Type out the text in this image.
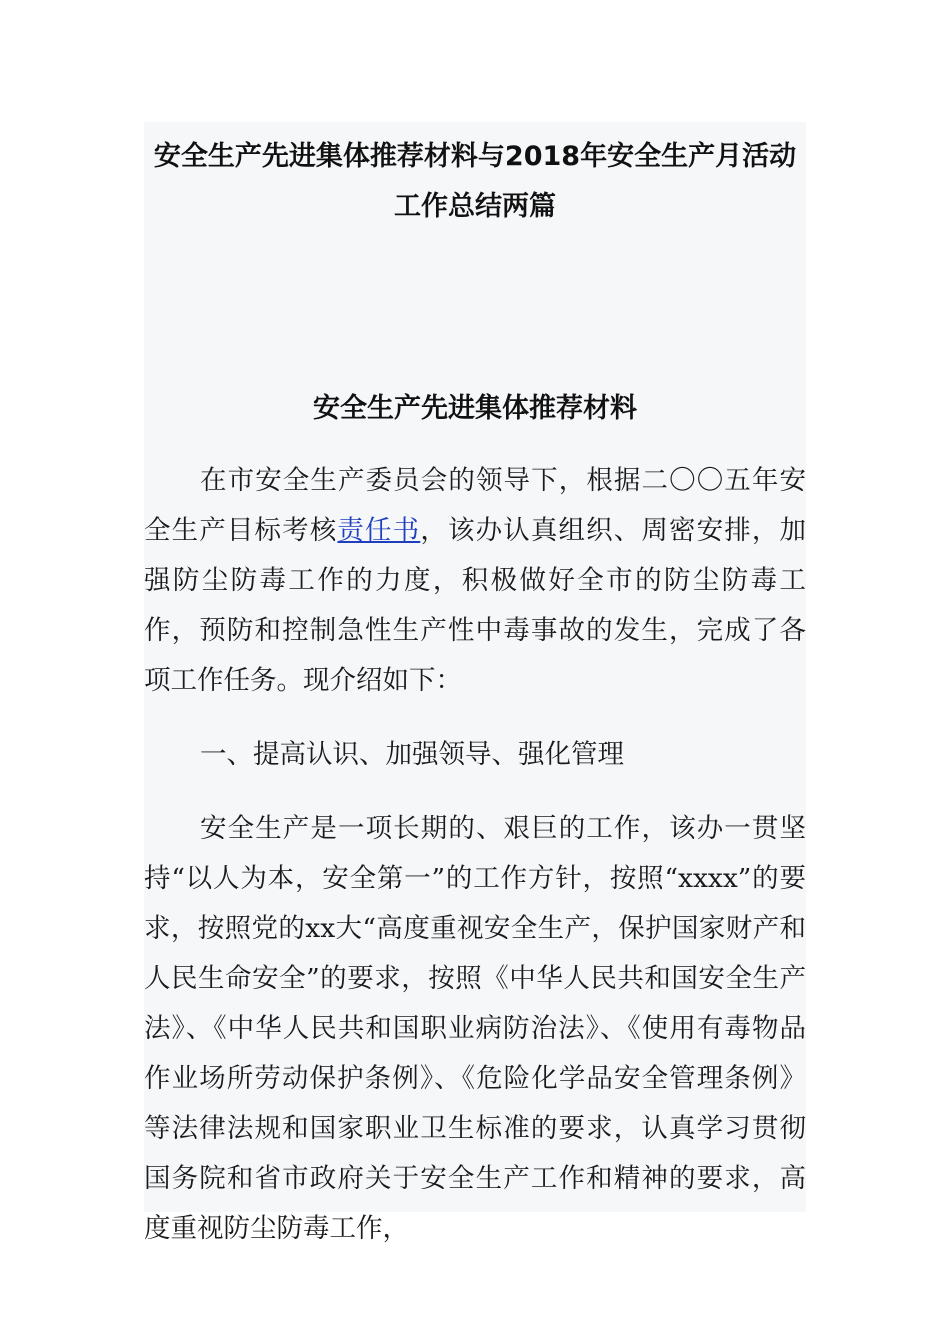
安全生产先进集体推荐材料与2018年安全生产月活动工作总结两篇
安全生产先进集体推荐材料

在市安全生产委员会的领导下，根据二〇〇五年安全生产目标考核责任书，该办认真组织、周密安排，加强防尘防毒工作的力度，积极做好全市的防尘防毒工作，预防和控制急性生产性中毒事故的发生，完成了各项工作任务。现介绍如下：

一、提高认识、加强领导、强化管理

安全生产是一项长期的、艰巨的工作，该办一贯坚持“以人为本，安全第一”的工作方针，按照“xxxx”的要求，按照党的xx大“高度重视安全生产，保护国家财产和人民生命安全”的要求，按照《中华人民共和国安全生产法》、《中华人民共和国职业病防治法》、《使用有毒物品作业场所劳动保护条例》、《危险化学品安全管理条例》等法律法规和国家职业卫生标准的要求，认真学习贯彻国务院和省市政府关于安全生产工作和精神的要求，高度重视防尘防毒工作，
